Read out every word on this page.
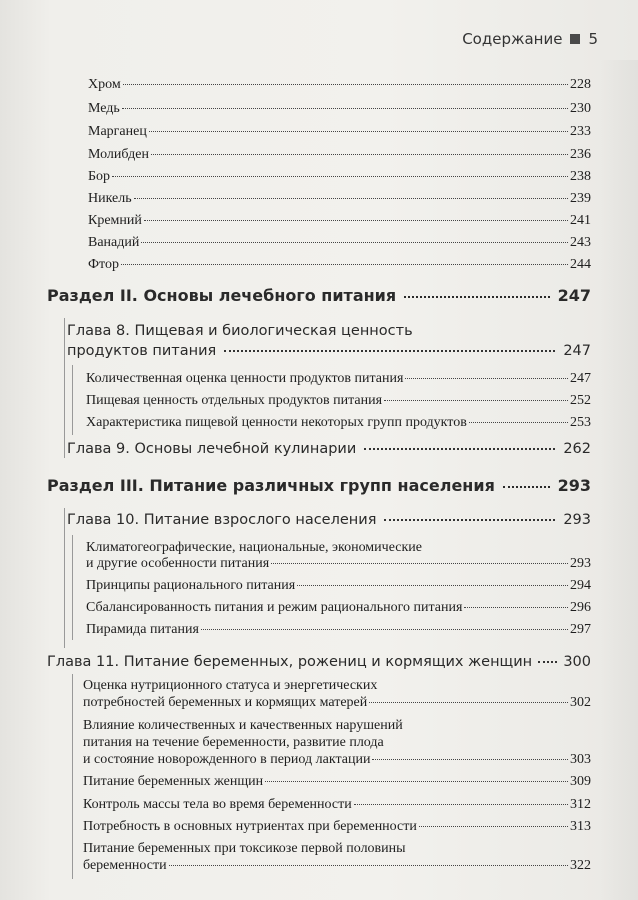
Содержание 5
Хром	228
Медь	230
Марганец	233
Молибден	236
Бор	238
Никель	239
Кремний	241
Ванадий	243
Фтор	244
Раздел II. Основы лечебного питания	247
Глава 8. Пищевая и биологическая ценность
продуктов питания	247
Количественная оценка ценности продуктов питания	247
Пищевая ценность отдельных продуктов питания	252
Характеристика пищевой ценности некоторых групп продуктов	253
Глава 9. Основы лечебной кулинарии	262
Раздел III. Питание различных групп населения	293
Глава 10. Питание взрослого населения	293
Климатогеографические, национальные, экономические
и другие особенности питания	293
Принципы рационального питания	294
Сбалансированность питания и режим рационального питания	296
Пирамида питания	297
Глава 11. Питание беременных, рожениц и кормящих женщин 300
Оценка нутриционного статуса и энергетических
потребностей беременных и кормящих матерей	302
Влияние количественных и качественных нарушений
питания на течение беременности, развитие плода
и состояние новорожденного в период лактации	303
Питание беременных женщин	309
Контроль массы тела во время беременности	312
Потребность в основных нутриентах при беременности	313
Питание беременных при токсикозе первой половины
беременности	322
